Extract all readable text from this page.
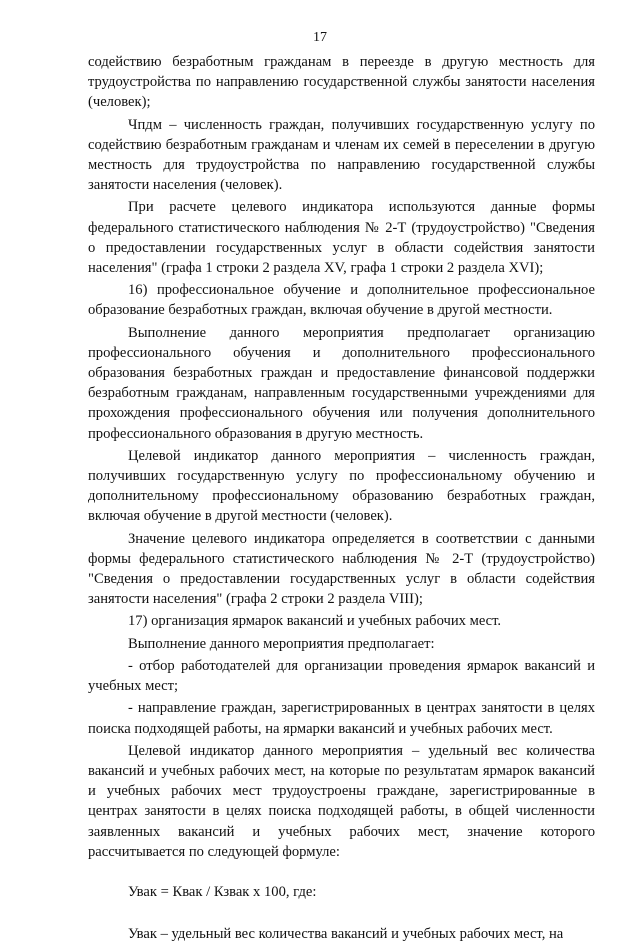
17

содействию безработным гражданам в переезде в другую местность для трудоустройства по направлению государственной службы занятости населения (человек);

Чпдм – численность граждан, получивших государственную услугу по содействию безработным гражданам и членам их семей в переселении в другую местность для трудоустройства по направлению государственной службы занятости населения (человек).

При расчете целевого индикатора используются данные формы федерального статистического наблюдения № 2-Т (трудоустройство) "Сведения о предоставлении государственных услуг в области содействия занятости населения" (графа 1 строки 2 раздела XV, графа 1 строки 2 раздела XVI);

16) профессиональное обучение и дополнительное профессиональное образование безработных граждан, включая обучение в другой местности.

Выполнение данного мероприятия предполагает организацию профессионального обучения и дополнительного профессионального образования безработных граждан и предоставление финансовой поддержки безработным гражданам, направленным государственными учреждениями для прохождения профессионального обучения или получения дополнительного профессионального образования в другую местность.

Целевой индикатор данного мероприятия – численность граждан, получивших государственную услугу по профессиональному обучению и дополнительному профессиональному образованию безработных граждан, включая обучение в другой местности (человек).

Значение целевого индикатора определяется в соответствии с данными формы федерального статистического наблюдения № 2-Т (трудоустройство) "Сведения о предоставлении государственных услуг в области содействия занятости населения" (графа 2 строки 2 раздела VIII);

17) организация ярмарок вакансий и учебных рабочих мест.

Выполнение данного мероприятия предполагает:

- отбор работодателей для организации проведения ярмарок вакансий и учебных мест;

- направление граждан, зарегистрированных в центрах занятости в целях поиска подходящей работы, на ярмарки вакансий и учебных рабочих мест.

Целевой индикатор данного мероприятия – удельный вес количества вакансий и учебных рабочих мест, на которые по результатам ярмарок вакансий и учебных рабочих мест трудоустроены граждане, зарегистрированные в центрах занятости в целях поиска подходящей работы, в общей численности заявленных вакансий и учебных рабочих мест, значение которого рассчитывается по следующей формуле:

Увак = Квак / Кзвак х 100, где:

Увак – удельный вес количества вакансий и учебных рабочих мест, на
